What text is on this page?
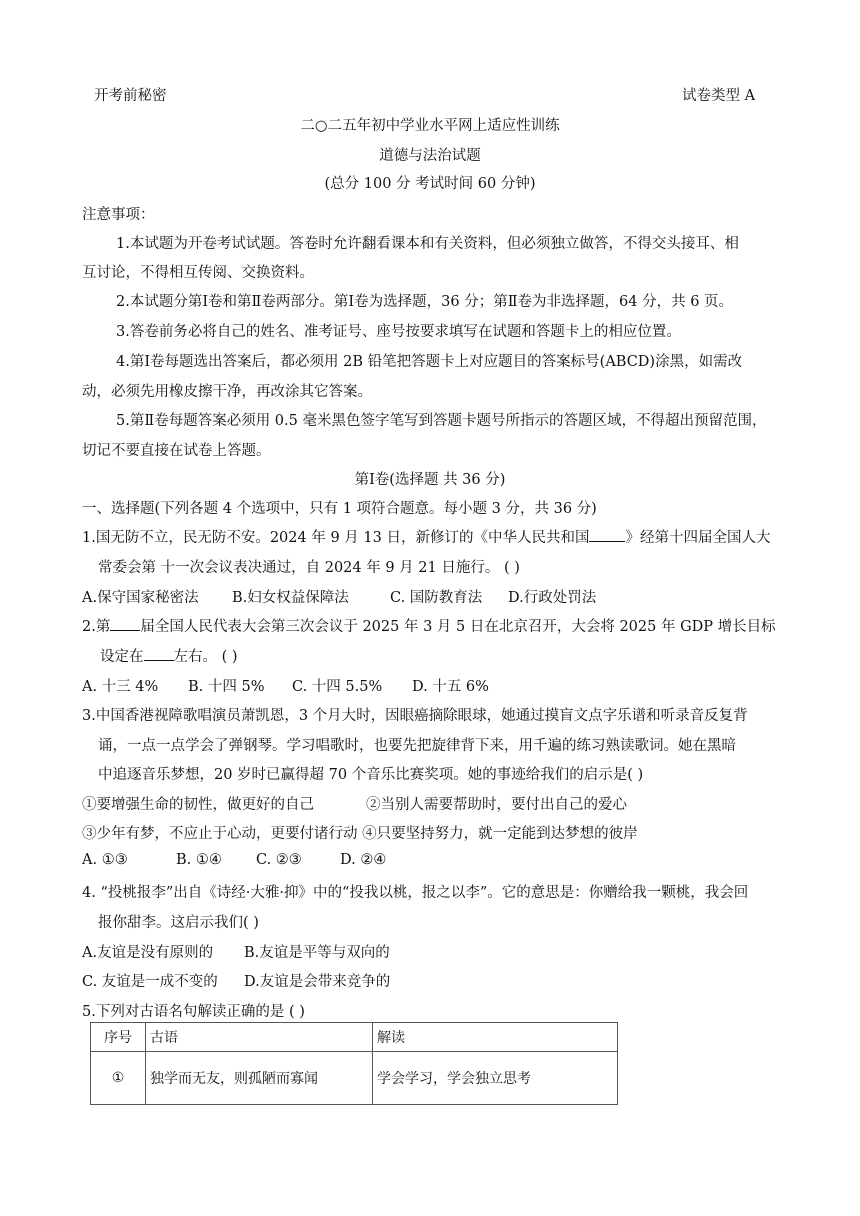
开考前秘密	试卷类型 A
二○二五年初中学业水平网上适应性训练
道德与法治试题
(总分 100 分 考试时间 60 分钟)
注意事项：
1.本试题为开卷考试试题。答卷时允许翻看课本和有关资料，但必须独立做答，不得交头接耳、相
互讨论，不得相互传阅、交换资料。
2.本试题分第Ⅰ卷和第Ⅱ卷两部分。第Ⅰ卷为选择题，36 分；第Ⅱ卷为非选择题，64 分，共 6 页。
3.答卷前务必将自己的姓名、准考证号、座号按要求填写在试题和答题卡上的相应位置。
4.第Ⅰ卷每题选出答案后，都必须用 2B 铅笔把答题卡上对应题目的答案标号(ABCD)涂黑，如需改
动，必须先用橡皮擦干净，再改涂其它答案。
5.第Ⅱ卷每题答案必须用 0.5 毫米黑色签字笔写到答题卡题号所指示的答题区域，不得超出预留范围，
切记不要直接在试卷上答题。
第Ⅰ卷(选择题 共 36 分)
一、选择题(下列各题 4 个选项中，只有 1 项符合题意。每小题 3 分，共 36 分)
1.国无防不立，民无防不安。2024 年 9 月 13 日，新修订的《中华人民共和国 》经第十四届全国人大
常委会第 十一次会议表决通过，自 2024 年 9 月 21 日施行。 ( )
A.保守国家秘密法 B.妇女权益保障法	C. 国防教育法 D.行政处罚法
2.第 届全国人民代表大会第三次会议于 2025 年 3 月 5 日在北京召开，大会将 2025 年 GDP 增长目标
设定在 左右。 ( )
A. 十三 4% B. 十四 5% C. 十四 5.5% D. 十五 6%
3.中国香港视障歌唱演员萧凯恩，3 个月大时，因眼癌摘除眼球，她通过摸盲文点字乐谱和听录音反复背
诵，一点一点学会了弹钢琴。学习唱歌时，也要先把旋律背下来，用千遍的练习熟读歌词。她在黑暗
中追逐音乐梦想，20 岁时已赢得超 70 个音乐比赛奖项。她的事迹给我们的启示是( )
①要增强生命的韧性，做更好的自己	②当别人需要帮助时，要付出自己的爱心
③少年有梦，不应止于心动，更要付诸行动 ④只要坚持努力，就一定能到达梦想的彼岸
A. ①③	B. ①④ C. ②③	D. ②④
4. “投桃报李”出自《诗经·大雅·抑》中的“投我以桃，报之以李”。它的意思是：你赠给我一颗桃，我会回
报你甜李。这启示我们( )
A.友谊是没有原则的 B.友谊是平等与双向的
C. 友谊是一成不变的 D.友谊是会带来竞争的
5.下列对古语名句解读正确的是 ( )
序号	古语	解读
①	独学而无友，则孤陋而寡闻	学会学习，学会独立思考
